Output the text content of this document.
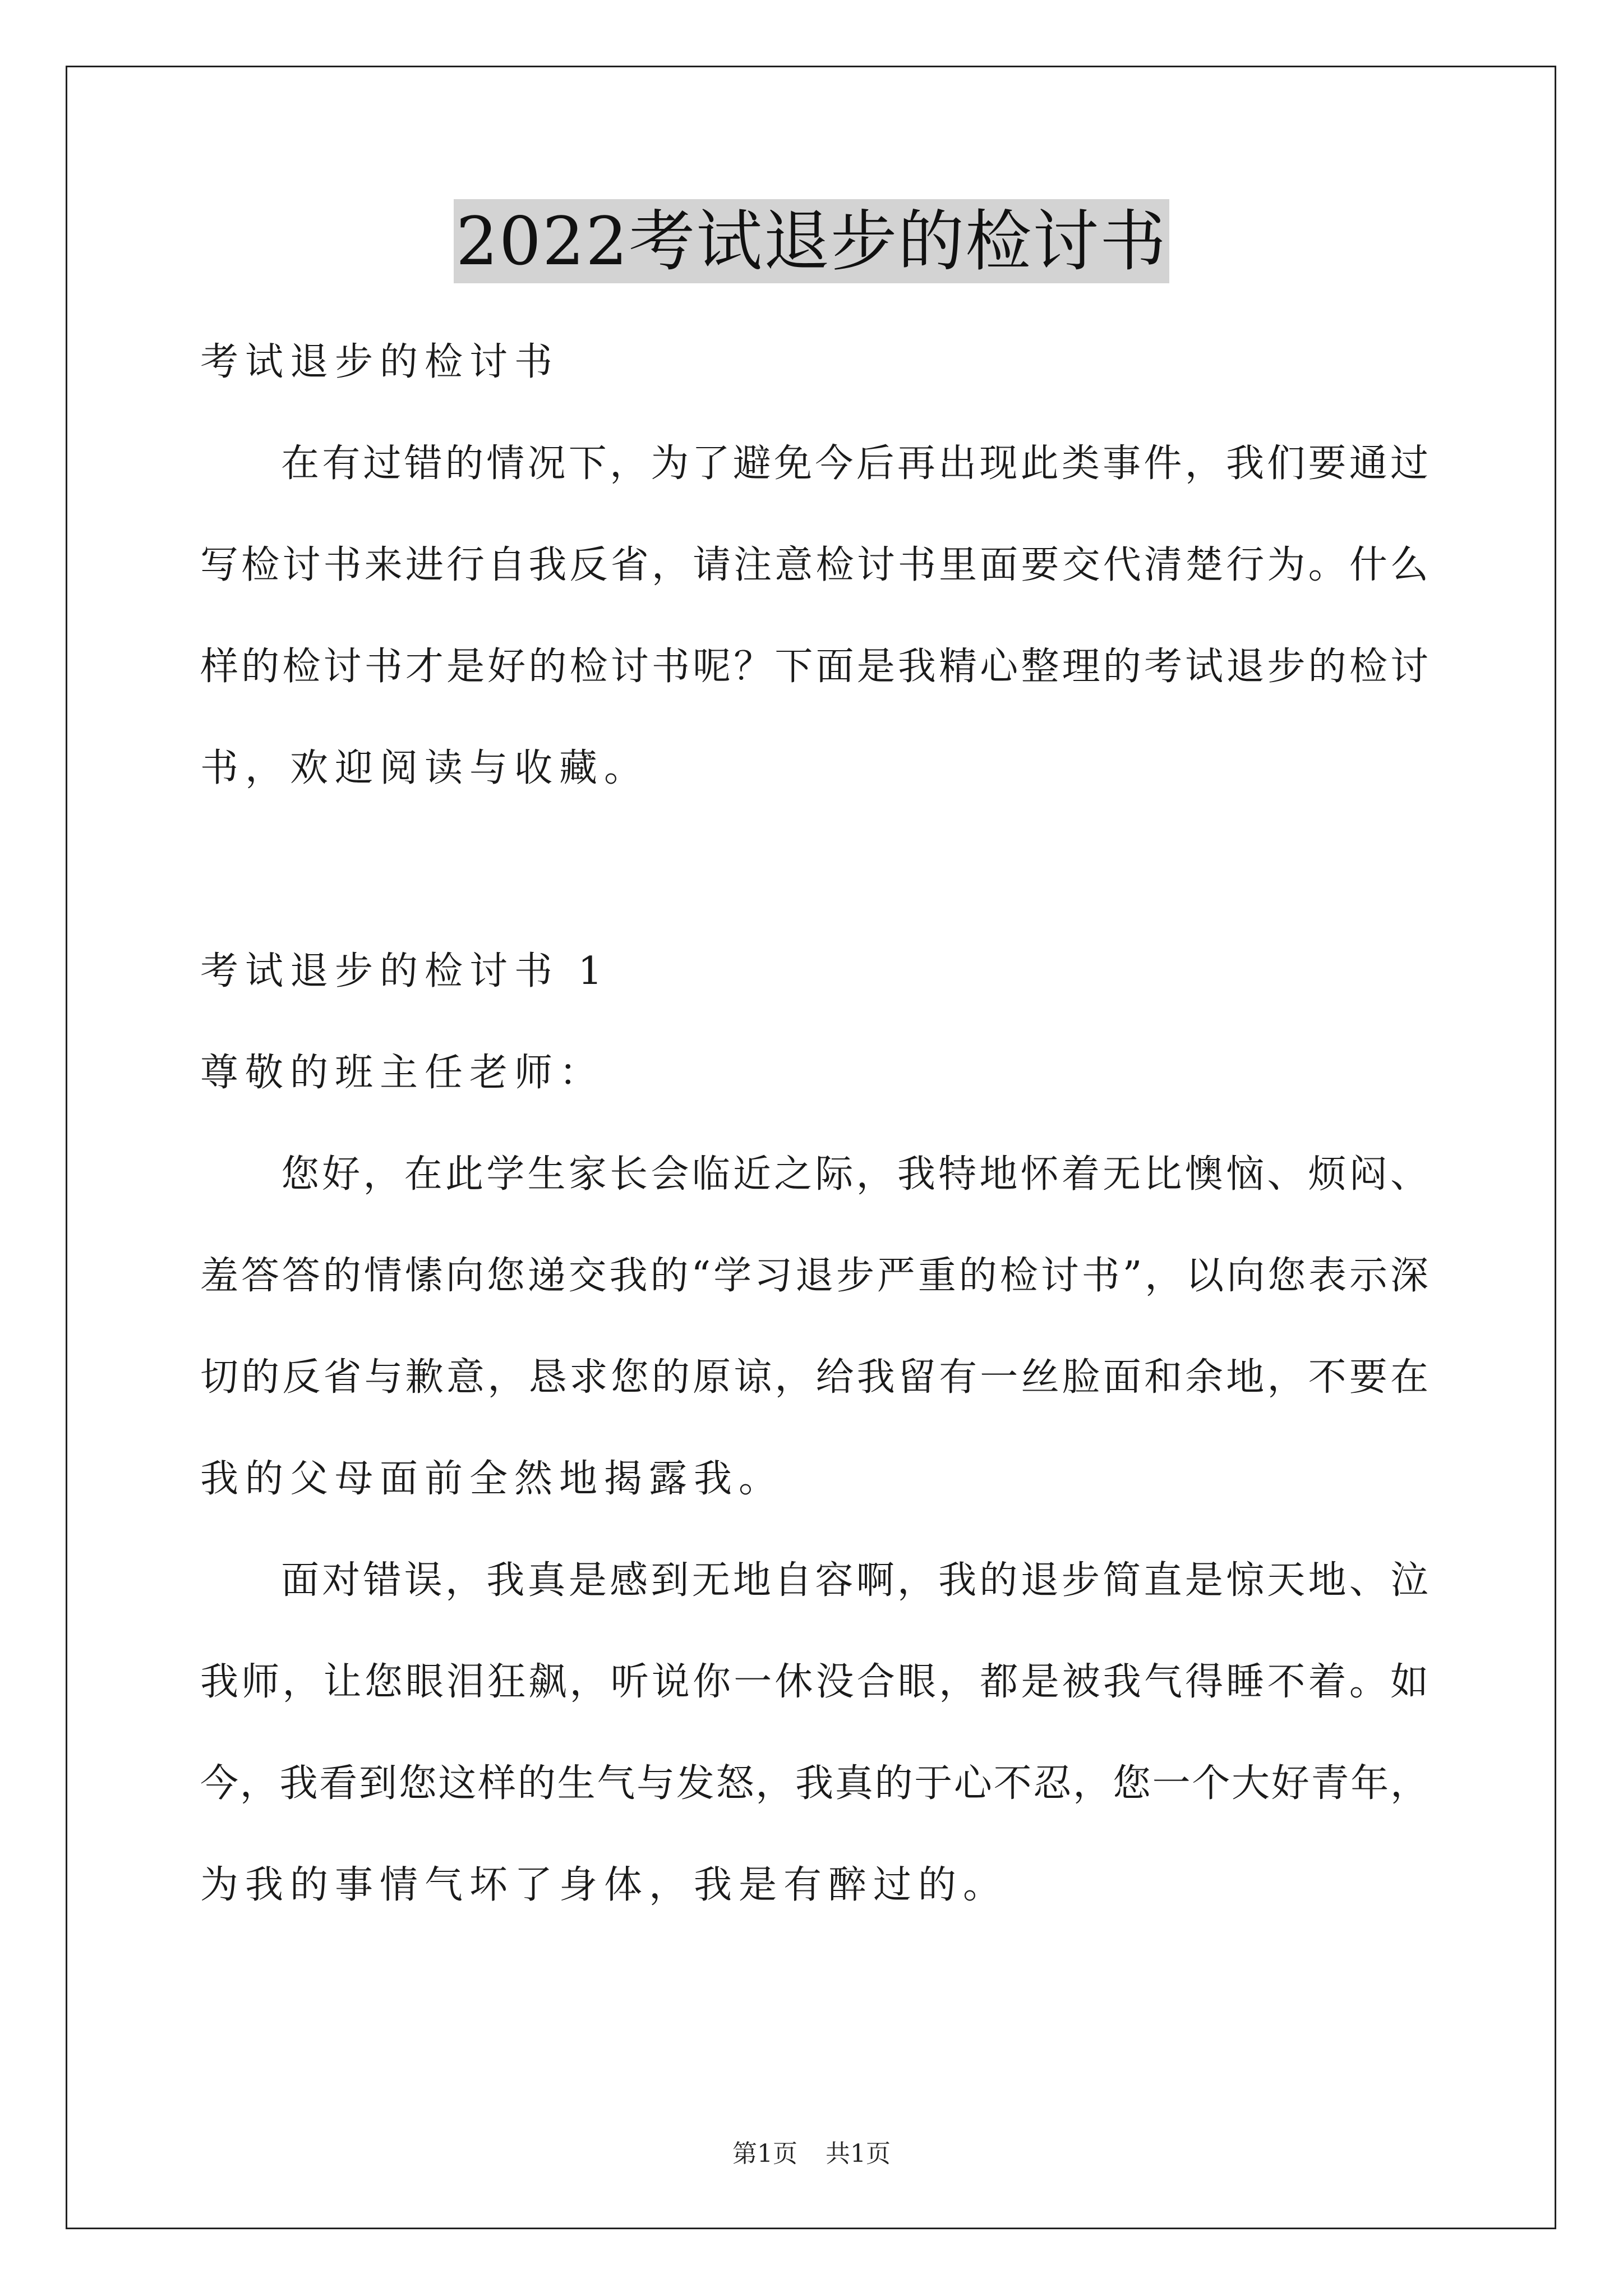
2022考试退步的检讨书
考试退步的检讨书
在有过错的情况下，为了避免今后再出现此类事件，我们要通过
写检讨书来进行自我反省，请注意检讨书里面要交代清楚行为。什么
样的检讨书才是好的检讨书呢？下面是我精心整理的考试退步的检讨
书，欢迎阅读与收藏。
考试退步的检讨书 1
尊敬的班主任老师：
您好，在此学生家长会临近之际，我特地怀着无比懊恼、烦闷、
羞答答的情愫向您递交我的“学习退步严重的检讨书”，以向您表示深
切的反省与歉意，恳求您的原谅，给我留有一丝脸面和余地，不要在
我的父母面前全然地揭露我。
面对错误，我真是感到无地自容啊，我的退步简直是惊天地、泣
我师，让您眼泪狂飙，听说你一休没合眼，都是被我气得睡不着。如
今，我看到您这样的生气与发怒，我真的于心不忍，您一个大好青年，
为我的事情气坏了身体，我是有醉过的。
第1页 共1页
